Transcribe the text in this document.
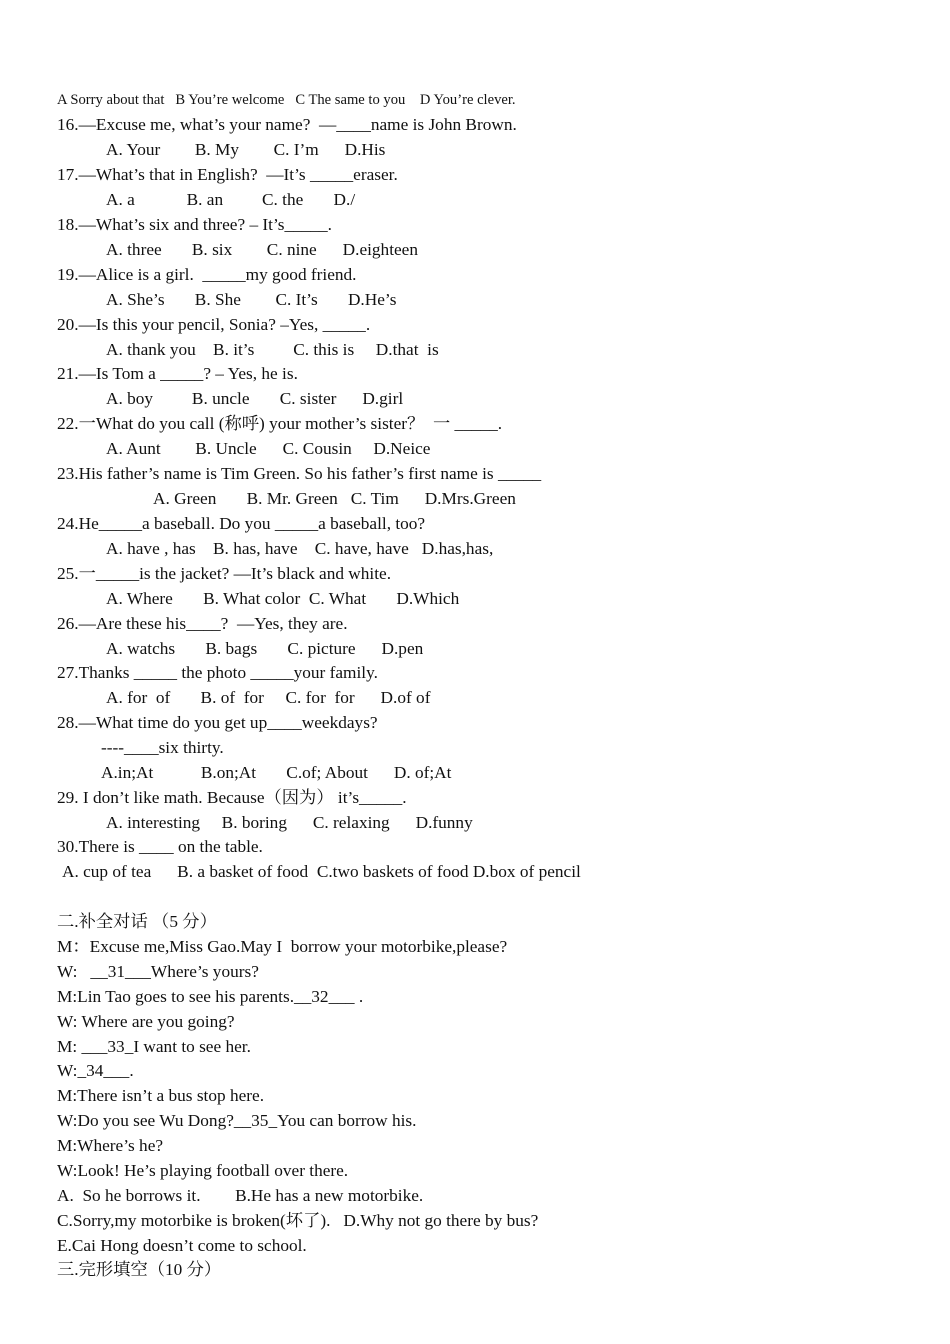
A Sorry about that   B You’re welcome   C The same to you    D You’re clever.
16.—Excuse me, what’s your name?  —____name is John Brown.
A. Your        B. My        C. I’m      D.His
17.—What’s that in English?  —It’s _____eraser.
A. a            B. an         C. the       D./
18.—What’s six and three? – It’s_____.
A. three       B. six        C. nine      D.eighteen
19.—Alice is a girl.  _____my good friend.
A. She’s       B. She        C. It’s       D.He’s
20.—Is this your pencil, Sonia? –Yes, _____.
A. thank you    B. it’s         C. this is     D.that  is
21.—Is Tom a _____? – Yes, he is.
A. boy         B. uncle       C. sister      D.girl
22.一What do you call (称呼) your mother’s sister？  一 _____.
A. Aunt        B. Uncle      C. Cousin     D.Neice
23.His father’s name is Tim Green. So his father’s first name is _____
A. Green       B. Mr. Green   C. Tim      D.Mrs.Green
24.He_____a baseball. Do you _____a baseball, too?
A. have , has    B. has, have    C. have, have   D.has,has,
25.一_____is the jacket? —It’s black and white.
A. Where       B. What color  C. What       D.Which
26.—Are these his____?  —Yes, they are.
A. watchs       B. bags       C. picture      D.pen
27.Thanks _____ the photo _____your family.
A. for  of       B. of  for     C. for  for      D.of of
28.—What time do you get up____weekdays?
----____six thirty.
A.in;At           B.on;At       C.of; About      D. of;At
29. I don’t like math. Because（因为） it’s_____.
A. interesting     B. boring      C. relaxing      D.funny
30.There is ____ on the table.
A. cup of tea      B. a basket of food  C.two baskets of food D.box of pencil
二.补全对话 （5 分）
M：Excuse me,Miss Gao.May I  borrow your motorbike,please?
W:   __31___Where’s yours?
M:Lin Tao goes to see his parents.__32___ .
W: Where are you going?
M: ___33_I want to see her.
W:_34___.
M:There isn’t a bus stop here.
W:Do you see Wu Dong?__35_You can borrow his.
M:Where’s he?
W:Look! He’s playing football over there.
A.  So he borrows it.        B.He has a new motorbike.
C.Sorry,my motorbike is broken(坏了).   D.Why not go there by bus?
E.Cai Hong doesn’t come to school.
三.完形填空（10 分）
